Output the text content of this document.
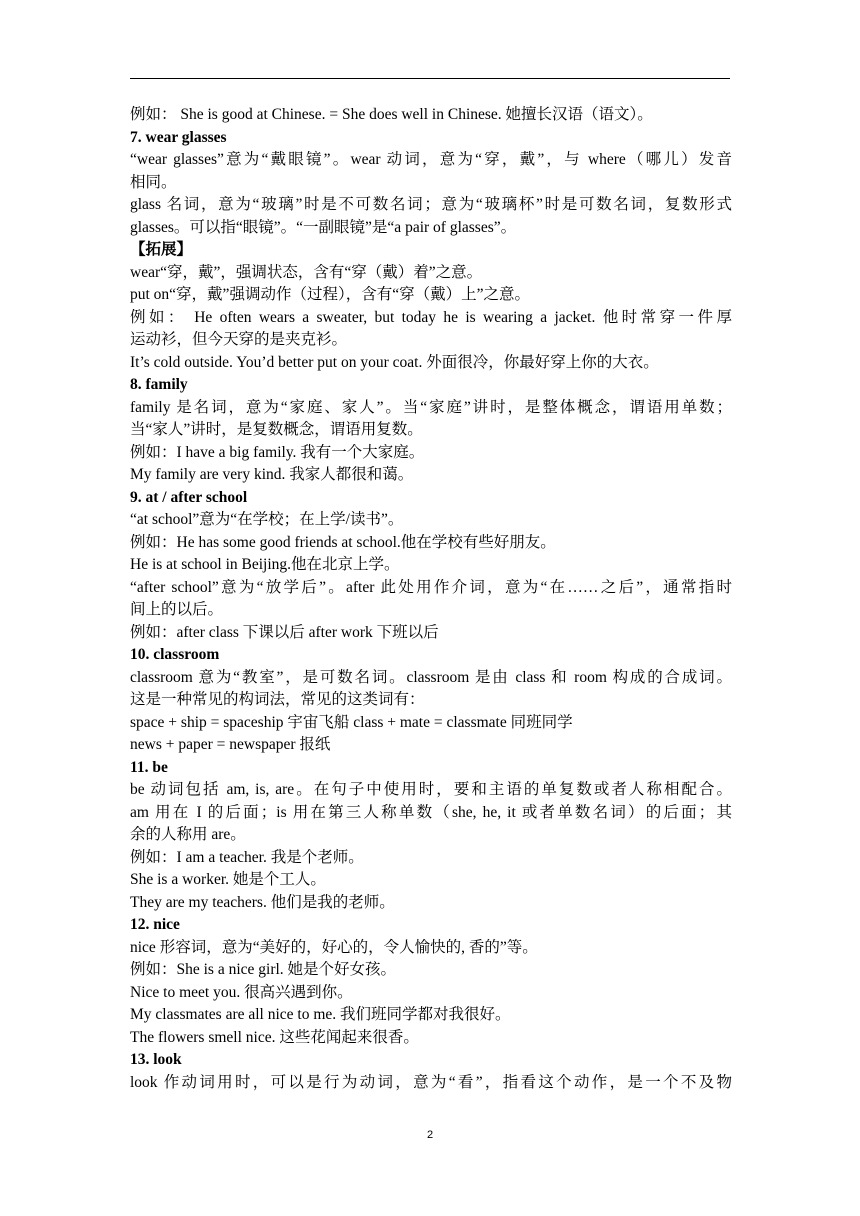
例如： She is good at Chinese. = She does well in Chinese. 她擅长汉语（语文）。
7. wear glasses
“wear glasses”意为“戴眼镜”。wear 动词，意为“穿，戴”，与 where（哪儿）发音
相同。
glass 名词，意为“玻璃”时是不可数名词；意为“玻璃杯”时是可数名词，复数形式
glasses。可以指“眼镜”。“一副眼镜”是“a pair of glasses”。
【拓展】
wear“穿，戴”，强调状态，含有“穿（戴）着”之意。
put on“穿，戴”强调动作（过程），含有“穿（戴）上”之意。
例如： He often wears a sweater, but today he is wearing a jacket. 他时常穿一件厚
运动衫，但今天穿的是夹克衫。
It’s cold outside. You’d better put on your coat. 外面很冷，你最好穿上你的大衣。
8. family
family 是名词，意为“家庭、家人”。当“家庭”讲时，是整体概念，谓语用单数；
当“家人”讲时，是复数概念，谓语用复数。
例如：I have a big family. 我有一个大家庭。
My family are very kind. 我家人都很和蔼。
9. at / after school
“at school”意为“在学校；在上学/读书”。
例如：He has some good friends at school.他在学校有些好朋友。
He is at school in Beijing.他在北京上学。
“after school”意为“放学后”。after 此处用作介词，意为“在……之后”，通常指时
间上的以后。
例如：after class 下课以后 after work 下班以后
10. classroom
classroom 意为“教室”，是可数名词。classroom 是由 class 和 room 构成的合成词。
这是一种常见的构词法，常见的这类词有：
space + ship = spaceship 宇宙飞船 class + mate = classmate 同班同学
news + paper = newspaper 报纸
11. be
be 动词包括 am, is, are。在句子中使用时，要和主语的单复数或者人称相配合。
am 用在 I 的后面；is 用在第三人称单数（she, he, it 或者单数名词）的后面；其
余的人称用 are。
例如：I am a teacher. 我是个老师。
She is a worker. 她是个工人。
They are my teachers. 他们是我的老师。
12. nice
nice 形容词，意为“美好的，好心的，令人愉快的, 香的”等。
例如：She is a nice girl. 她是个好女孩。
Nice to meet you. 很高兴遇到你。
My classmates are all nice to me. 我们班同学都对我很好。
The flowers smell nice. 这些花闻起来很香。
13. look
look 作动词用时，可以是行为动词，意为“看”，指看这个动作，是一个不及物
2
